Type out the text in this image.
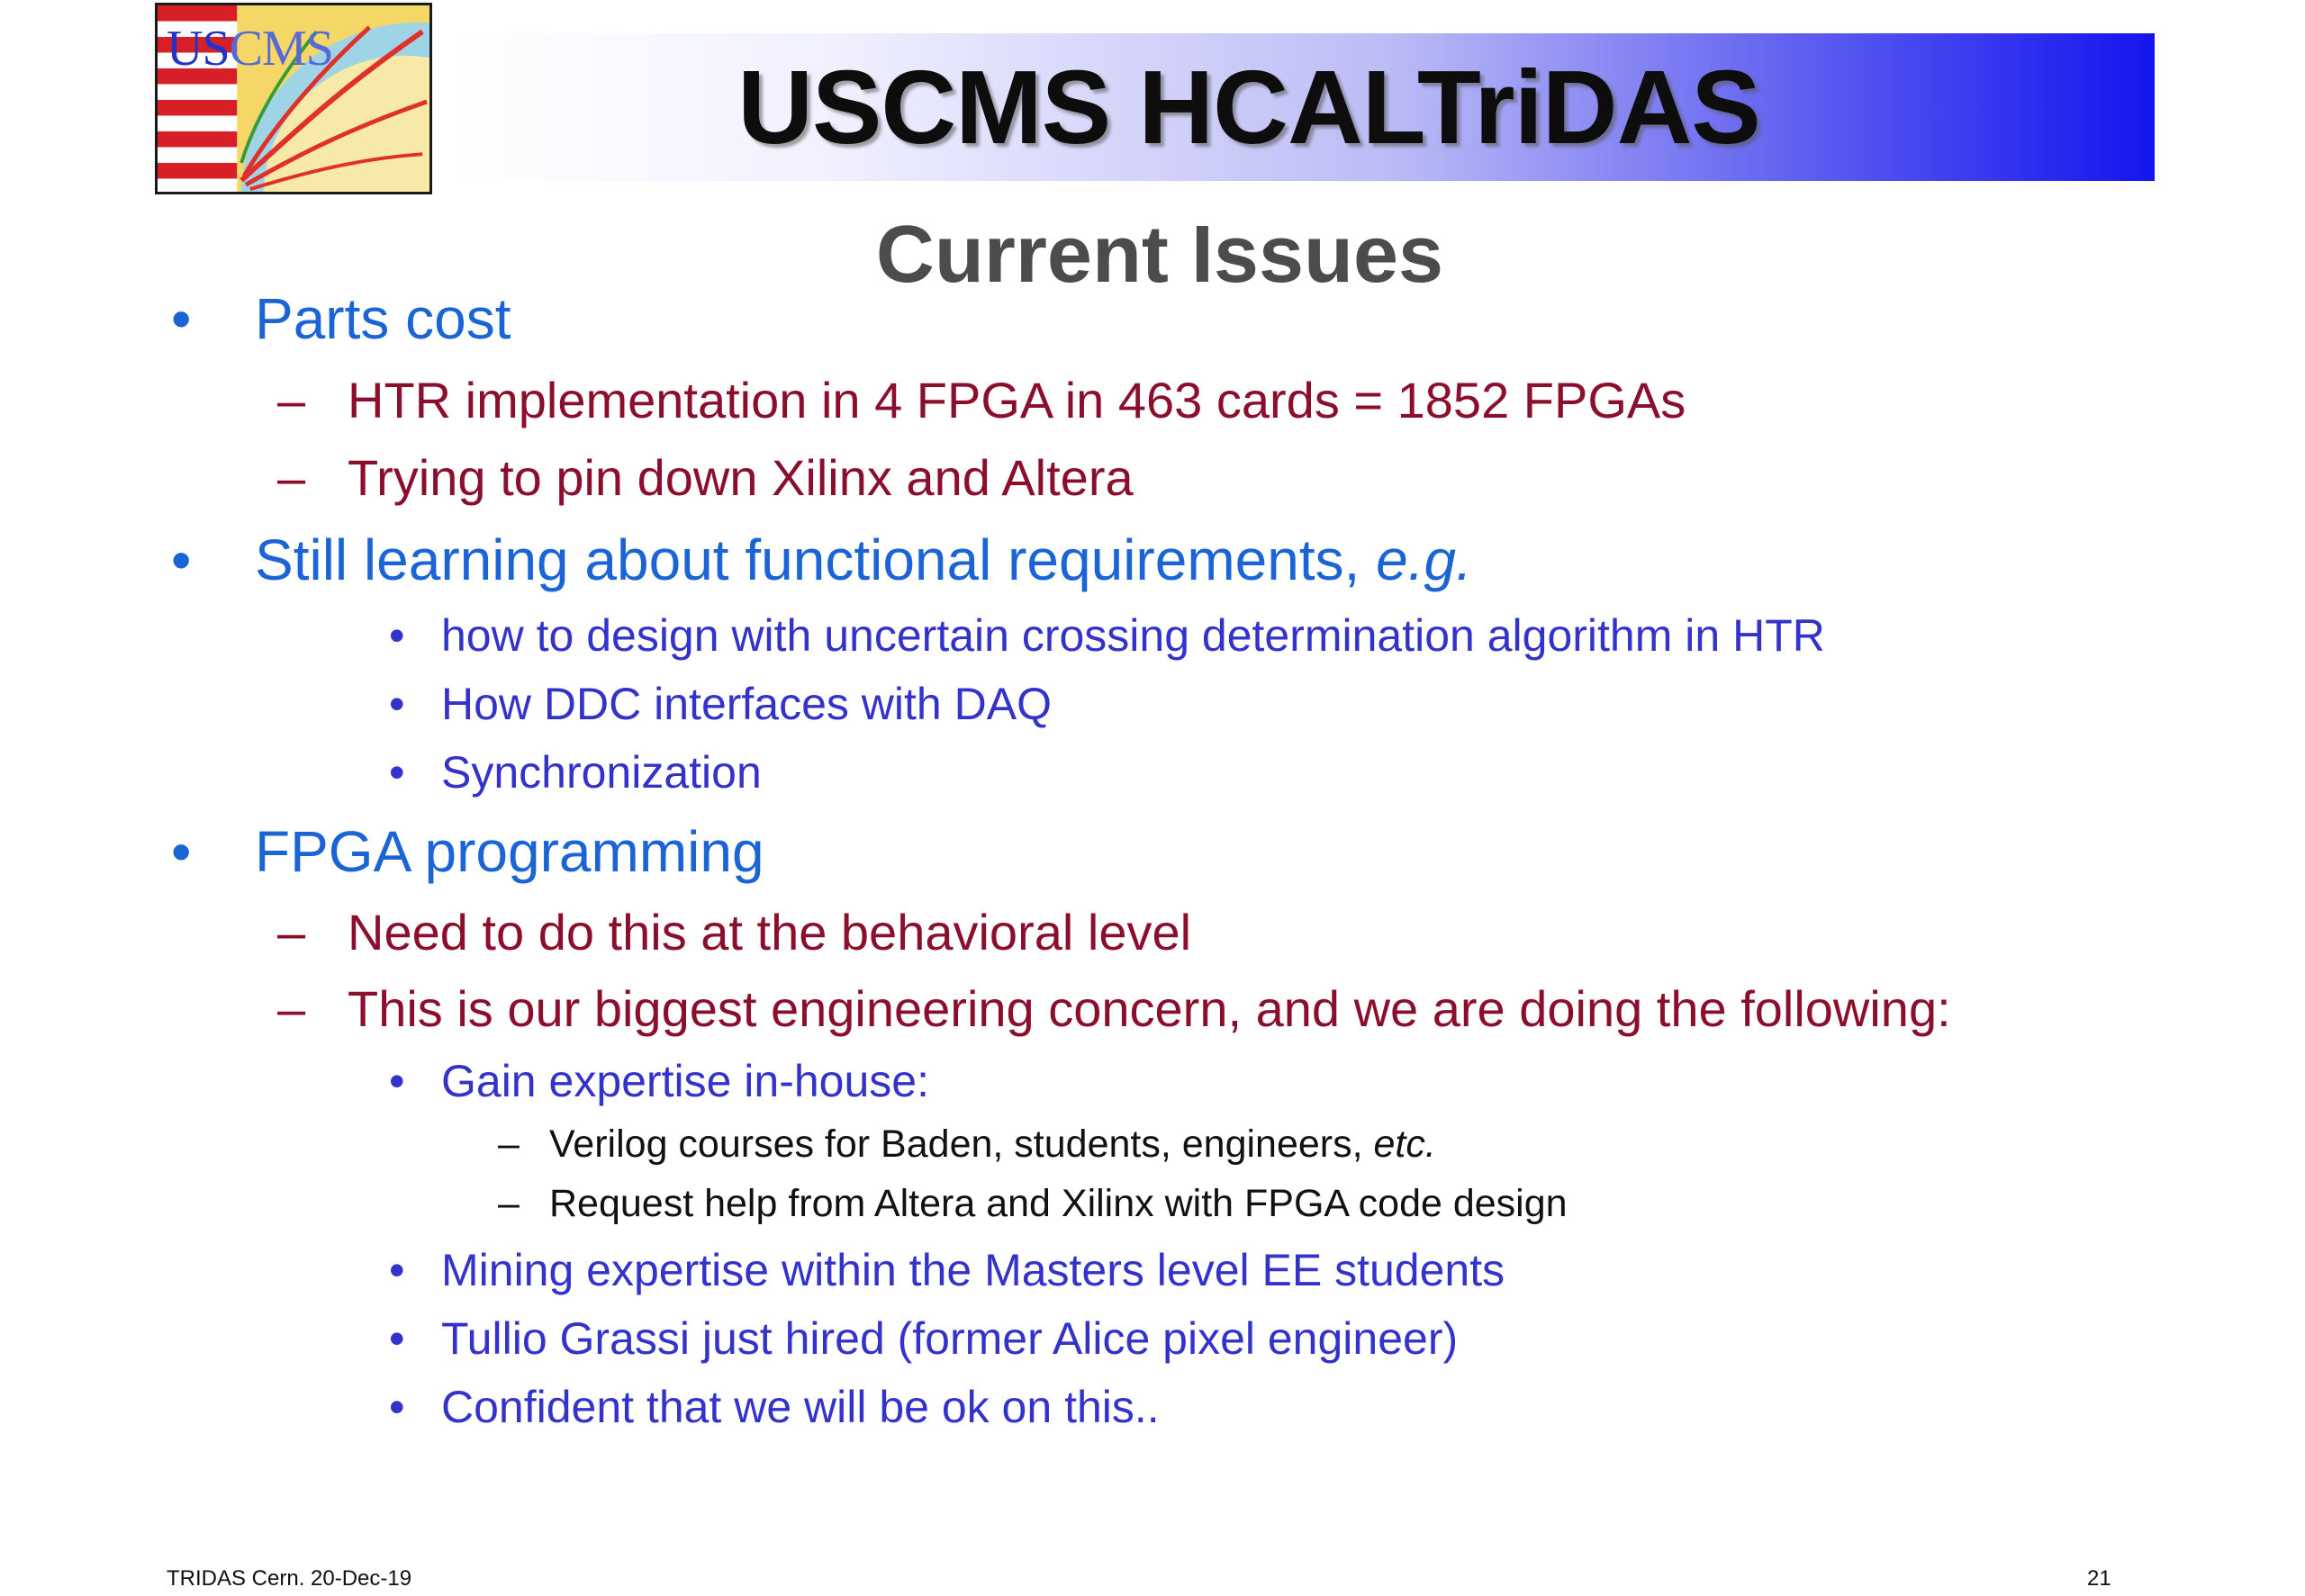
USCMS	USCMS HCALTriDAS
Current Issues
• Parts cost
– HTR implementation in 4 FPGA in 463 cards = 1852 FPGAs
– Trying to pin down Xilinx and Altera
• Still learning about functional requirements, e.g.
• how to design with uncertain crossing determination algorithm in HTR
• How DDC interfaces with DAQ
• Synchronization
• FPGA programming
– Need to do this at the behavioral level
– This is our biggest engineering concern, and we are doing the following:
• Gain expertise in-house:
– Verilog courses for Baden, students, engineers, etc.
– Request help from Altera and Xilinx with FPGA code design
• Mining expertise within the Masters level EE students
• Tullio Grassi just hired (former Alice pixel engineer)
• Confident that we will be ok on this..
TRIDAS Cern. 20-Dec-19	21
